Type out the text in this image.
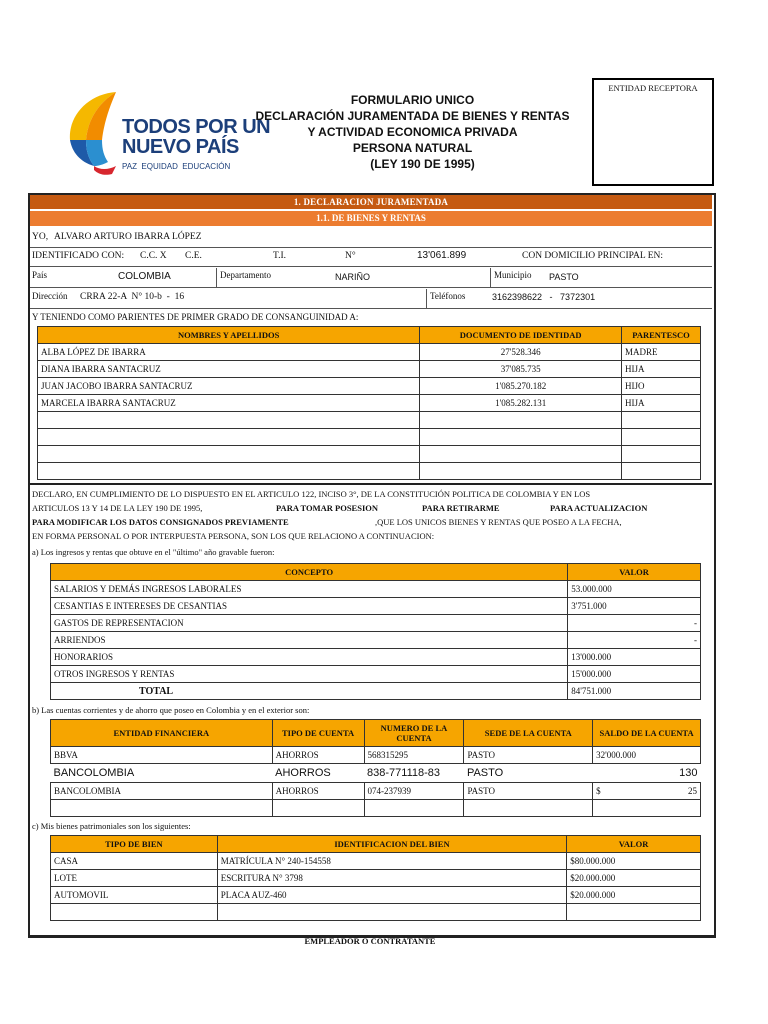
TODOS POR UN
NUEVO PAÍS
PAZ  EQUIDAD  EDUCACIÓN
FORMULARIO UNICO
DECLARACIÓN JURAMENTADA DE BIENES Y RENTAS
Y ACTIVIDAD ECONOMICA PRIVADA
PERSONA NATURAL
(LEY 190 DE 1995)
ENTIDAD RECEPTORA
1. DECLARACION JURAMENTADA
1.1. DE BIENES Y RENTAS
YO, ALVARO ARTURO IBARRA LÓPEZ
IDENTIFICADO CON: C.C. X C.E.	T.I.	N°	13'061.899	CON DOMICILIO PRINCIPAL EN:
País	COLOMBIA	Departamento	NARIÑO	Municipio PASTO
Dirección CRRA 22-A  N° 10-b  -  16	Teléfonos	3162398622   -   7372301
Y TENIENDO COMO PARIENTES DE PRIMER GRADO DE CONSANGUINIDAD A:
NOMBRES Y APELLIDOS	DOCUMENTO DE IDENTIDAD	PARENTESCO
ALBA LÓPEZ DE IBARRA	27'528.346	MADRE
DIANA IBARRA SANTACRUZ	37'085.735	HIJA
JUAN JACOBO IBARRA SANTACRUZ	1'085.270.182	HIJO
MARCELA IBARRA SANTACRUZ	1'085.282.131	HIJA

DECLARO, EN CUMPLIMIENTO DE LO DISPUESTO EN EL ARTICULO 122, INCISO 3°, DE LA CONSTITUCIÓN POLITICA DE COLOMBIA Y EN LOS
ARTICULOS 13 Y 14 DE LA LEY 190 DE 1995,	PARA TOMAR POSESION	PARA RETIRARME	PARA ACTUALIZACION
PARA MODIFICAR LOS DATOS CONSIGNADOS PREVIAMENTE	,QUE LOS UNICOS BIENES Y RENTAS QUE POSEO A LA FECHA,
EN FORMA PERSONAL O POR INTERPUESTA PERSONA, SON LOS QUE RELACIONO A CONTINUACION:
a) Los ingresos y rentas que obtuve en el "último" año gravable fueron:
CONCEPTO	VALOR
SALARIOS Y DEMÁS INGRESOS LABORALES	53.000.000
CESANTIAS E INTERESES DE CESANTIAS	3'751.000
GASTOS DE REPRESENTACION	-
ARRIENDOS	-
HONORARIOS	13'000.000
OTROS INGRESOS Y RENTAS	15'000.000
TOTAL	84'751.000
b) Las cuentas corrientes y de ahorro que poseo en Colombia y en el exterior son:
ENTIDAD FINANCIERA	TIPO DE CUENTA	NUMERO DE LA CUENTA	SEDE DE LA CUENTA	SALDO DE LA CUENTA	
BBVA	AHORROS	568315295	PASTO	32'000.000	
BANCOLOMBIA	AHORROS	838-771118-83	PASTO		130
BANCOLOMBIA	AHORROS	074-237939	PASTO	$	25

c) Mis bienes patrimoniales son los siguientes:
TIPO DE BIEN	IDENTIFICACION DEL BIEN	VALOR
CASA	MATRÍCULA N° 240-154558	$80.000.000
LOTE	ESCRITURA N° 3798	$20.000.000
AUTOMOVIL	PLACA AUZ-460	$20.000.000

EMPLEADOR O CONTRATANTE
